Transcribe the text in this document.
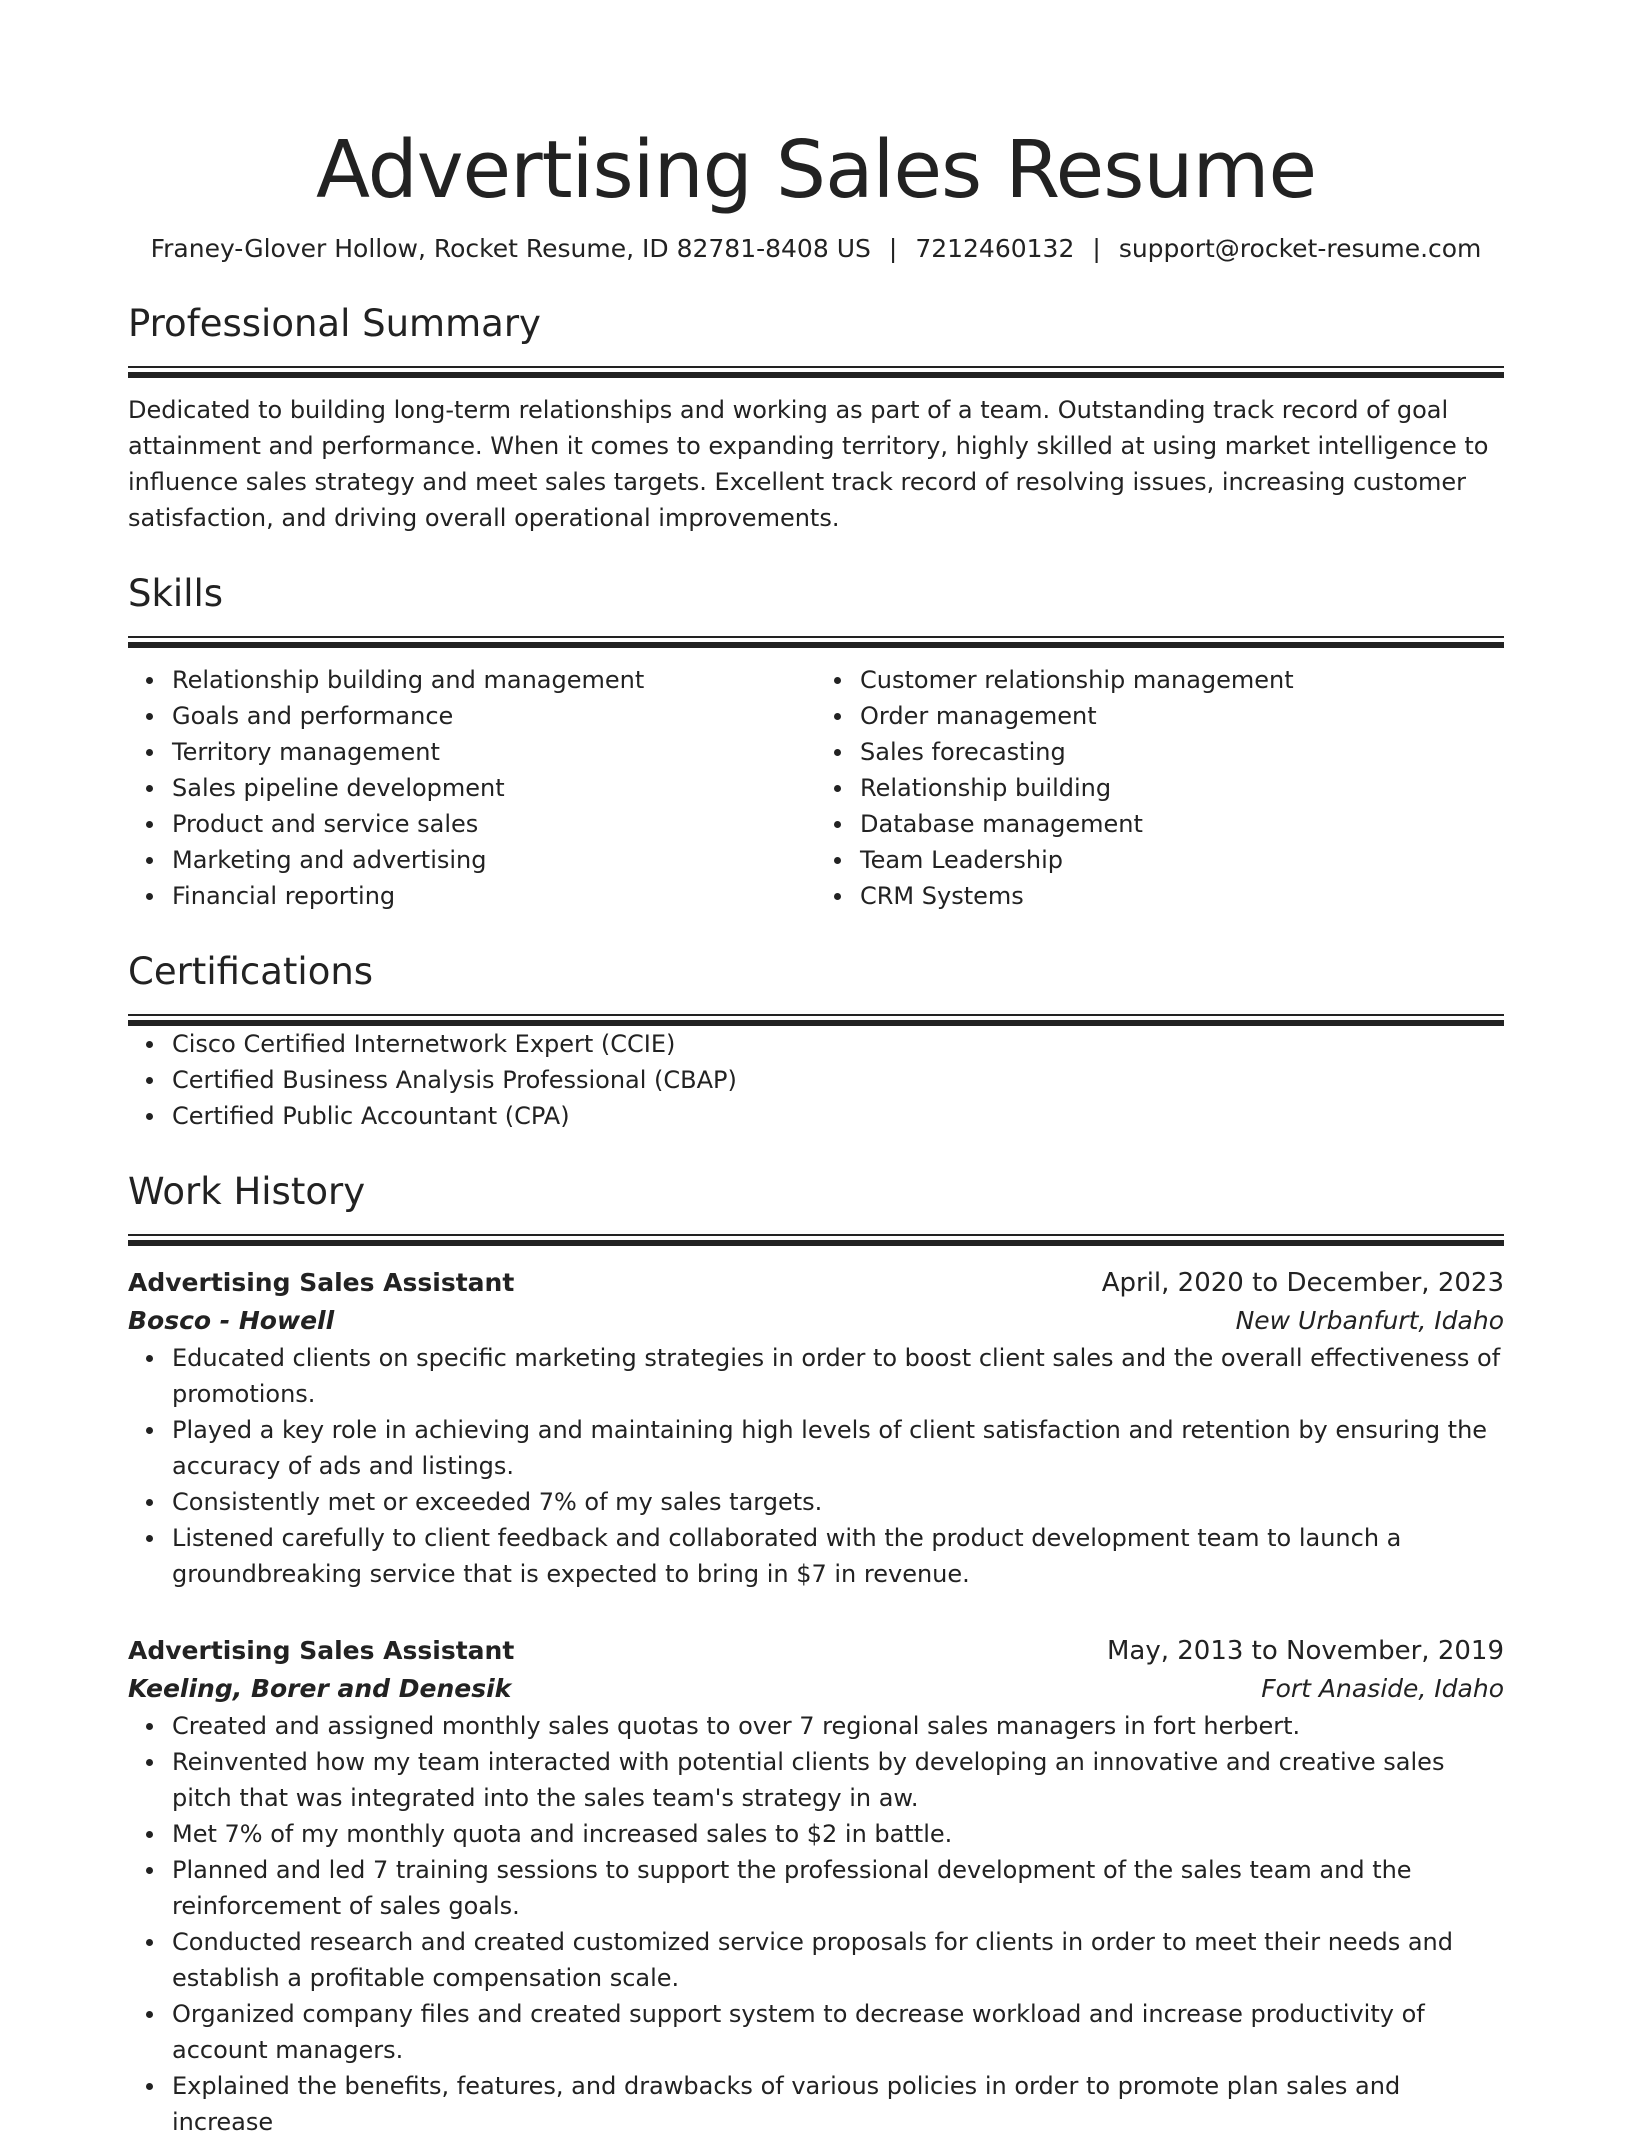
Advertising Sales Resume
Franey-Glover Hollow, Rocket Resume, ID 82781-8408 US | 7212460132 | support@rocket-resume.com
Professional Summary

Dedicated to building long-term relationships and working as part of a team. Outstanding track record of goal attainment and performance. When it comes to expanding territory, highly skilled at using market intelligence to influence sales strategy and meet sales targets. Excellent track record of resolving issues, increasing customer satisfaction, and driving overall operational improvements.

Skills
Relationship building and management
Goals and performance
Territory management
Sales pipeline development
Product and service sales
Marketing and advertising
Financial reporting
Customer relationship management
Order management
Sales forecasting
Relationship building
Database management
Team Leadership
CRM Systems
Certifications
Cisco Certified Internetwork Expert (CCIE)
Certified Business Analysis Professional (CBAP)
Certified Public Accountant (CPA)
Work History
Advertising Sales Assistant	April, 2020 to December, 2023
Bosco - Howell	New Urbanfurt, Idaho
Educated clients on specific marketing strategies in order to boost client sales and the overall effectiveness of promotions.
Played a key role in achieving and maintaining high levels of client satisfaction and retention by ensuring the accuracy of ads and listings.
Consistently met or exceeded 7% of my sales targets.
Listened carefully to client feedback and collaborated with the product development team to launch a groundbreaking service that is expected to bring in $7 in revenue.
Advertising Sales Assistant	May, 2013 to November, 2019
Keeling, Borer and Denesik	Fort Anaside, Idaho
Created and assigned monthly sales quotas to over 7 regional sales managers in fort herbert.
Reinvented how my team interacted with potential clients by developing an innovative and creative sales pitch that was integrated into the sales team's strategy in aw.
Met 7% of my monthly quota and increased sales to $2 in battle.
Planned and led 7 training sessions to support the professional development of the sales team and the reinforcement of sales goals.
Conducted research and created customized service proposals for clients in order to meet their needs and establish a profitable compensation scale.
Organized company files and created support system to decrease workload and increase productivity of account managers.
Explained the benefits, features, and drawbacks of various policies in order to promote plan sales and increase
